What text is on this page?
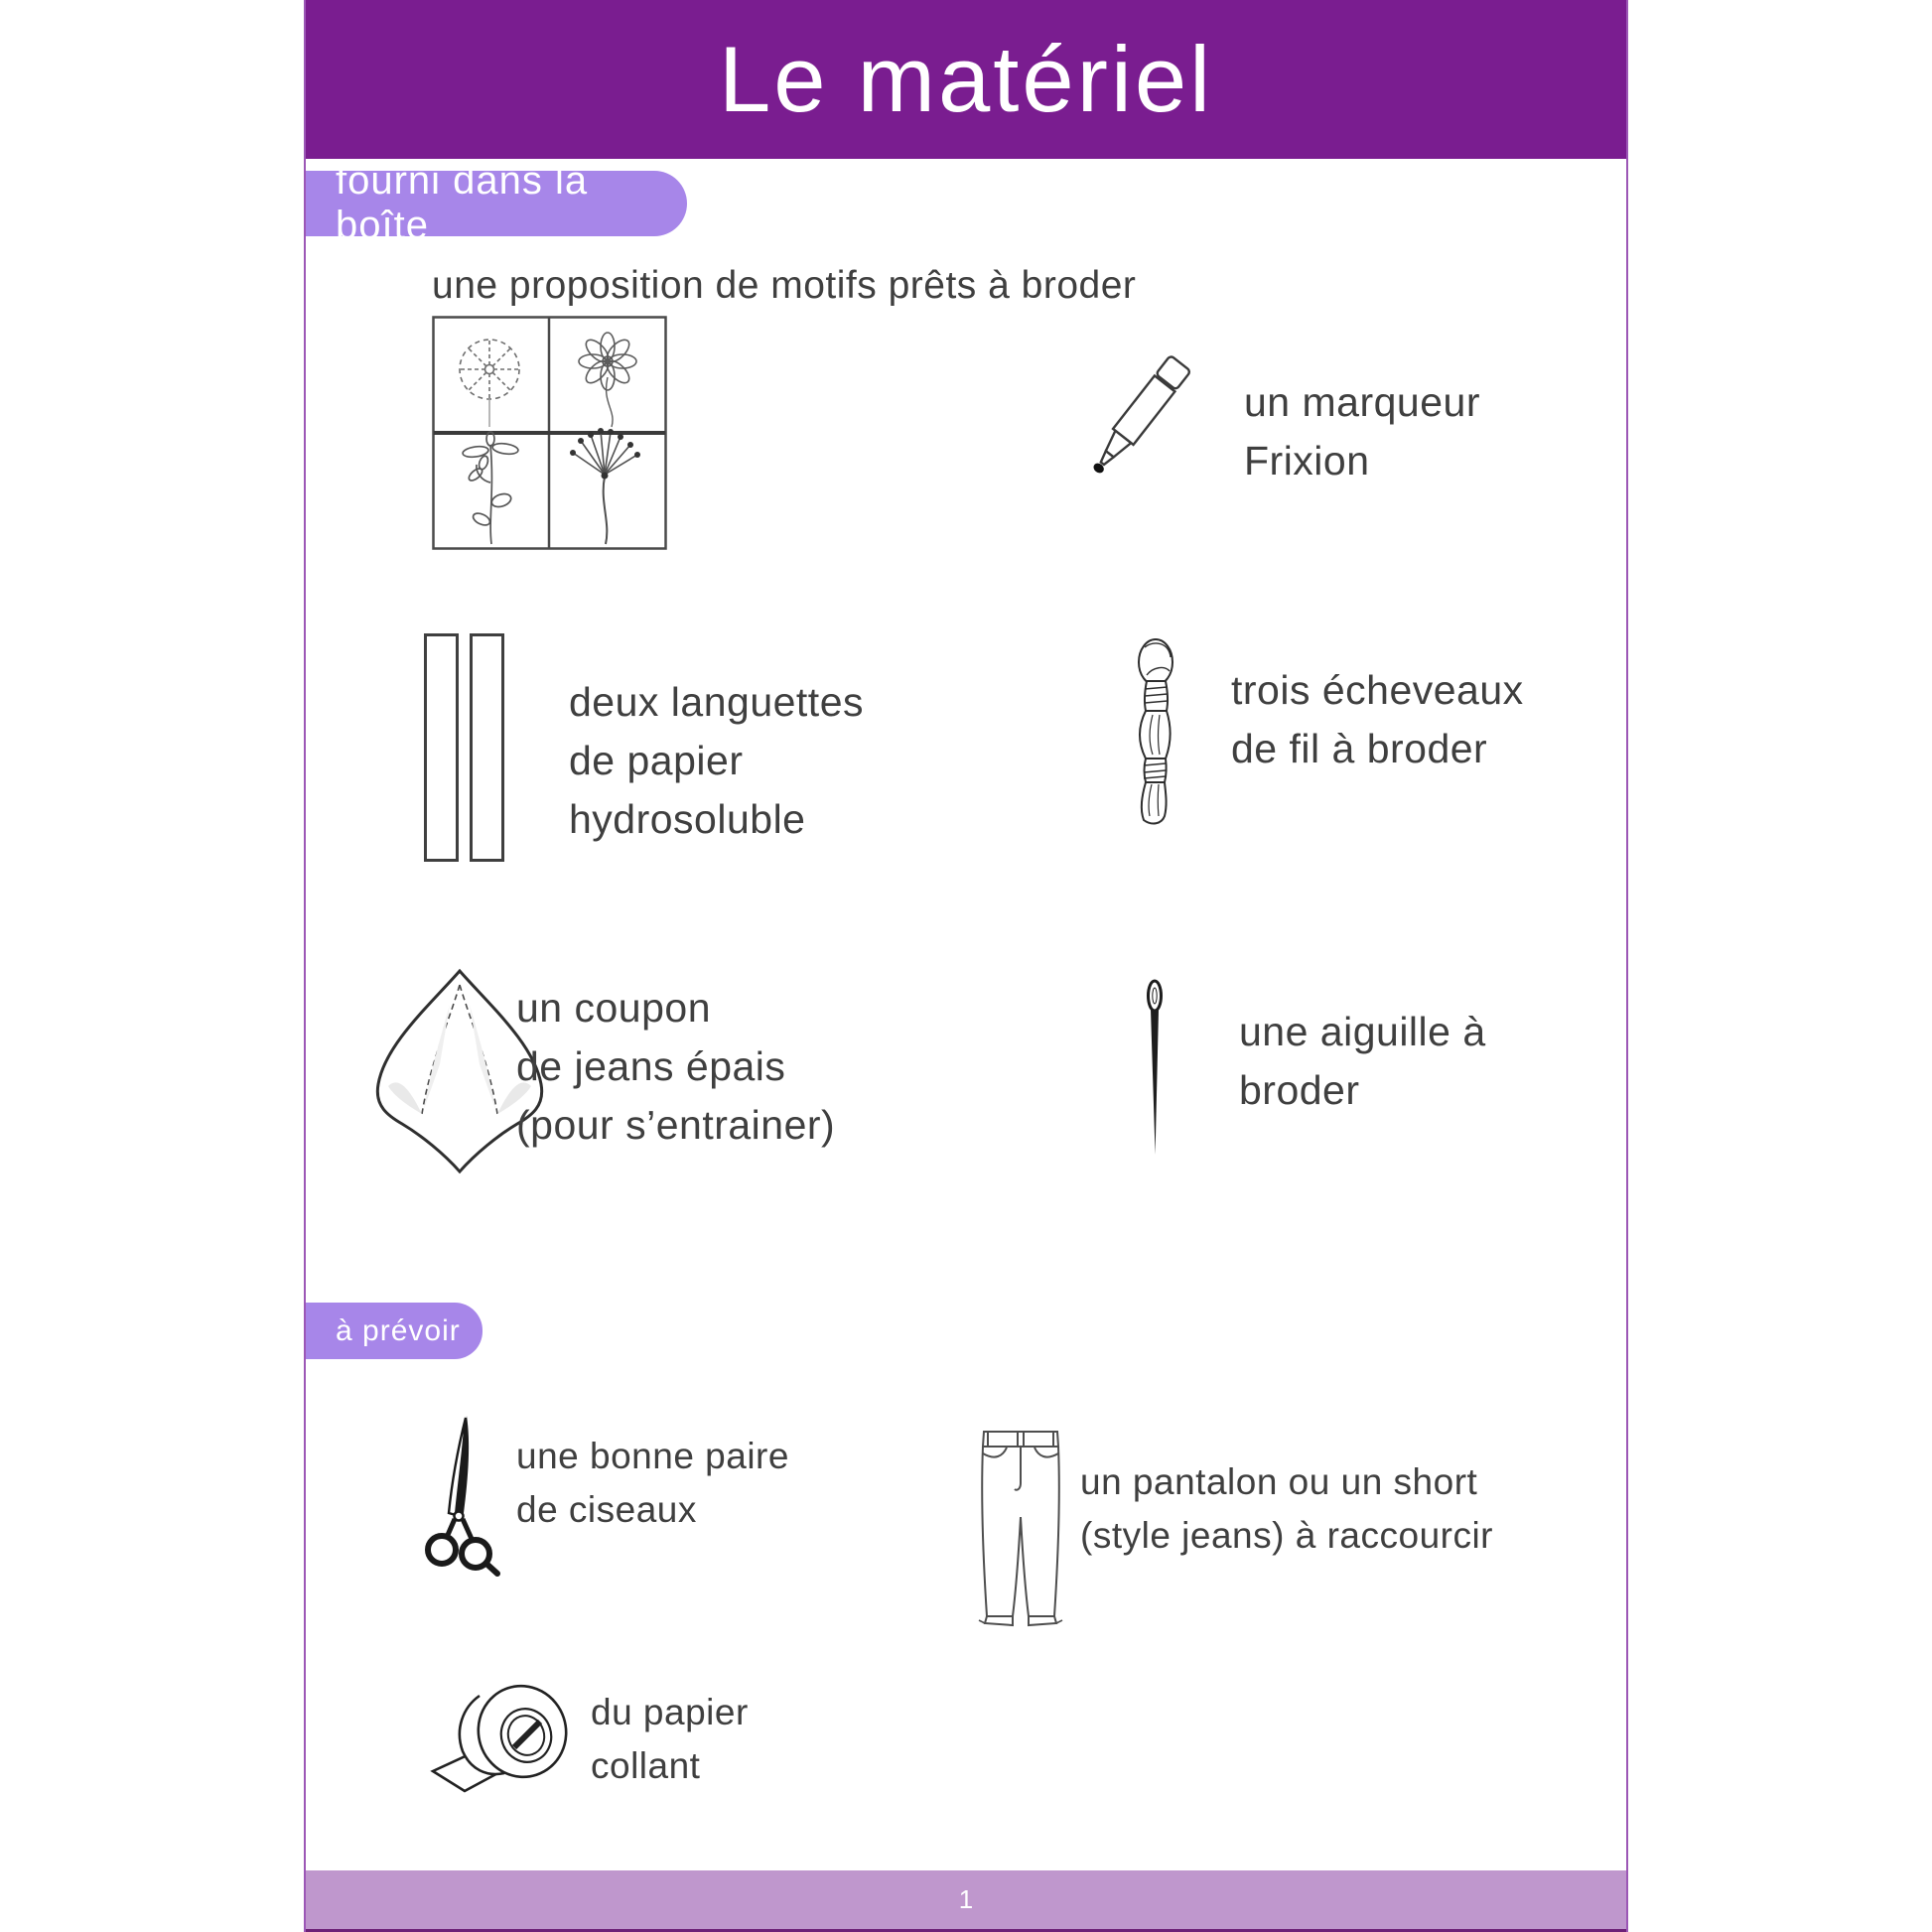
Le matériel
fourni dans la boîte
une proposition de motifs prêts à broder
un marqueur
Frixion
deux languettes
de papier
hydrosoluble
trois écheveaux
de fil à broder
un coupon
de jeans épais
(pour s’entrainer)
une aiguille à
broder
à prévoir
une bonne paire
de ciseaux
un pantalon ou un short
(style jeans) à raccourcir
du papier
collant
1
